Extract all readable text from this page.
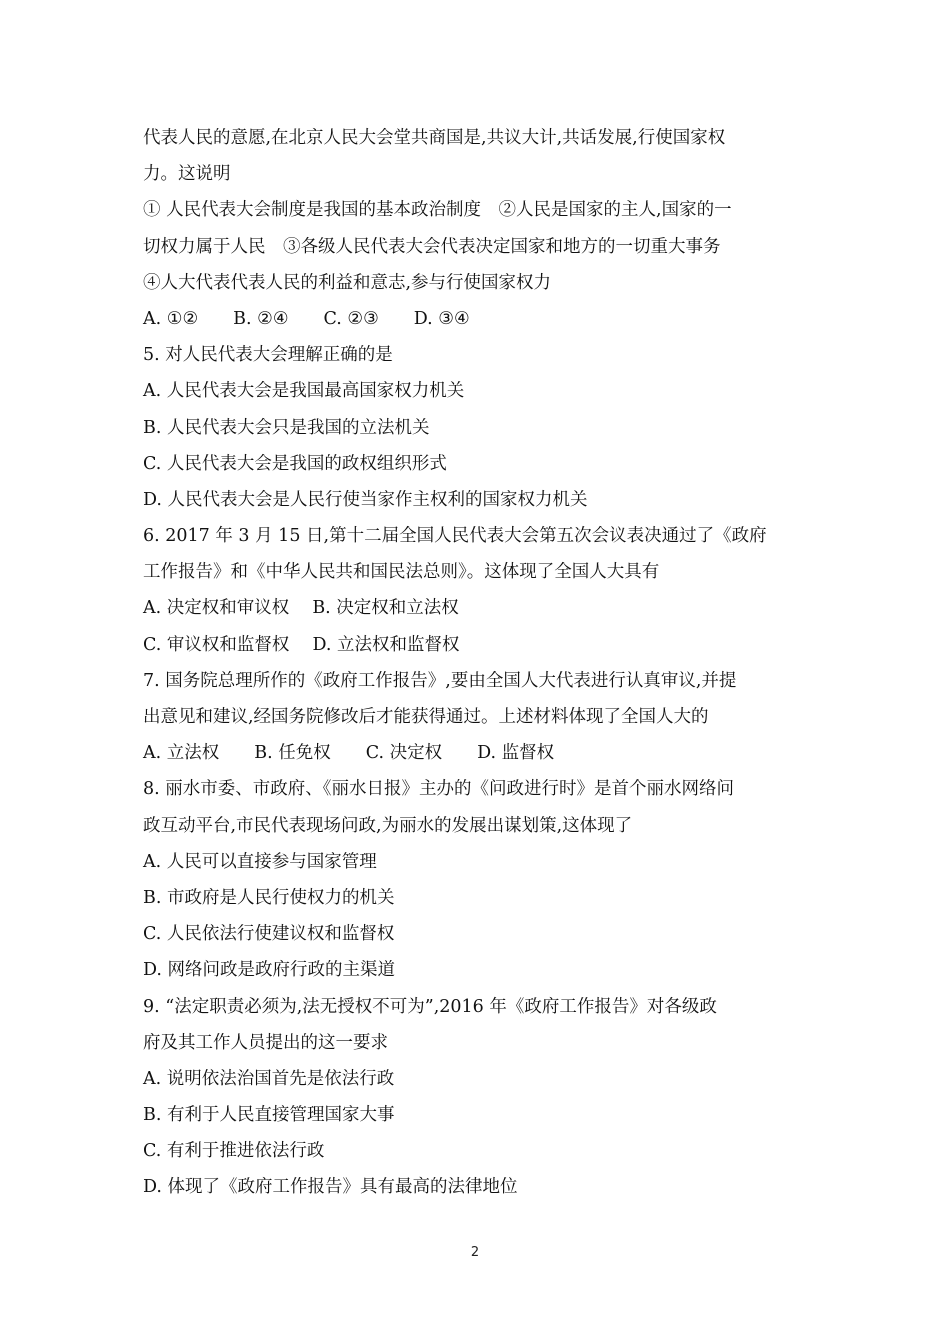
代表人民的意愿,在北京人民大会堂共商国是,共议大计,共话发展,行使国家权
力。这说明
① 人民代表大会制度是我国的基本政治制度　②人民是国家的主人,国家的一
切权力属于人民　③各级人民代表大会代表决定国家和地方的一切重大事务
④人大代表代表人民的利益和意志,参与行使国家权力
A. ①②　　B. ②④　　C. ②③　　D. ③④
5. 对人民代表大会理解正确的是
A. 人民代表大会是我国最高国家权力机关
B. 人民代表大会只是我国的立法机关
C. 人民代表大会是我国的政权组织形式
D. 人民代表大会是人民行使当家作主权利的国家权力机关
6. 2017 年 3 月 15 日,第十二届全国人民代表大会第五次会议表决通过了《政府
工作报告》和《中华人民共和国民法总则》。这体现了全国人大具有
A. 决定权和审议权　 B. 决定权和立法权
C. 审议权和监督权　 D. 立法权和监督权
7. 国务院总理所作的《政府工作报告》,要由全国人大代表进行认真审议,并提
出意见和建议,经国务院修改后才能获得通过。上述材料体现了全国人大的
A. 立法权　　B. 任免权　　C. 决定权　　D. 监督权
8. 丽水市委、市政府、《丽水日报》主办的《问政进行时》是首个丽水网络问
政互动平台,市民代表现场问政,为丽水的发展出谋划策,这体现了
A. 人民可以直接参与国家管理
B. 市政府是人民行使权力的机关
C. 人民依法行使建议权和监督权
D. 网络问政是政府行政的主渠道
9. “法定职责必须为,法无授权不可为”,2016 年《政府工作报告》对各级政
府及其工作人员提出的这一要求
A. 说明依法治国首先是依法行政
B. 有利于人民直接管理国家大事
C. 有利于推进依法行政
D. 体现了《政府工作报告》具有最高的法律地位
2
